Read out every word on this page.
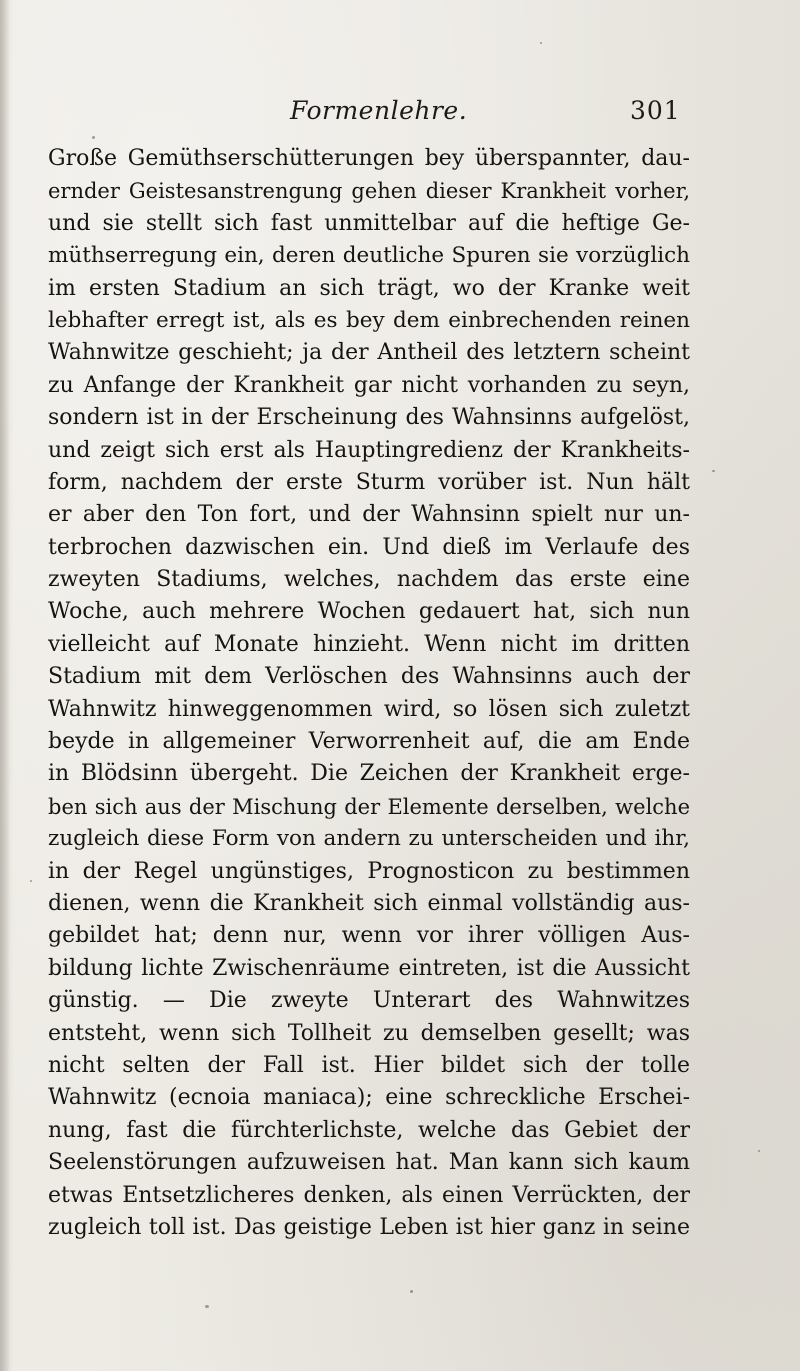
Formenlehre.	301
Große Gemüthserschütterungen bey überspannter, dau-
ernder Geistesanstrengung gehen dieser Krankheit vorher,
und sie stellt sich fast unmittelbar auf die heftige Ge-
müthserregung ein, deren deutliche Spuren sie vorzüglich
im ersten Stadium an sich trägt, wo der Kranke weit
lebhafter erregt ist, als es bey dem einbrechenden reinen
Wahnwitze geschieht; ja der Antheil des letztern scheint
zu Anfange der Krankheit gar nicht vorhanden zu seyn,
sondern ist in der Erscheinung des Wahnsinns aufgelöst,
und zeigt sich erst als Hauptingredienz der Krankheits-
form, nachdem der erste Sturm vorüber ist. Nun hält
er aber den Ton fort, und der Wahnsinn spielt nur un-
terbrochen dazwischen ein. Und dieß im Verlaufe des
zweyten Stadiums, welches, nachdem das erste eine
Woche, auch mehrere Wochen gedauert hat, sich nun
vielleicht auf Monate hinzieht. Wenn nicht im dritten
Stadium mit dem Verlöschen des Wahnsinns auch der
Wahnwitz hinweggenommen wird, so lösen sich zuletzt
beyde in allgemeiner Verworrenheit auf, die am Ende
in Blödsinn übergeht. Die Zeichen der Krankheit erge-
ben sich aus der Mischung der Elemente derselben, welche
zugleich diese Form von andern zu unterscheiden und ihr,
in der Regel ungünstiges, Prognosticon zu bestimmen
dienen, wenn die Krankheit sich einmal vollständig aus-
gebildet hat; denn nur, wenn vor ihrer völligen Aus-
bildung lichte Zwischenräume eintreten, ist die Aussicht
günstig. — Die zweyte Unterart des Wahnwitzes
entsteht, wenn sich Tollheit zu demselben gesellt; was
nicht selten der Fall ist. Hier bildet sich der tolle
Wahnwitz (ecnoia maniaca); eine schreckliche Erschei-
nung, fast die fürchterlichste, welche das Gebiet der
Seelenstörungen aufzuweisen hat. Man kann sich kaum
etwas Entsetzlicheres denken, als einen Verrückten, der
zugleich toll ist. Das geistige Leben ist hier ganz in seine
